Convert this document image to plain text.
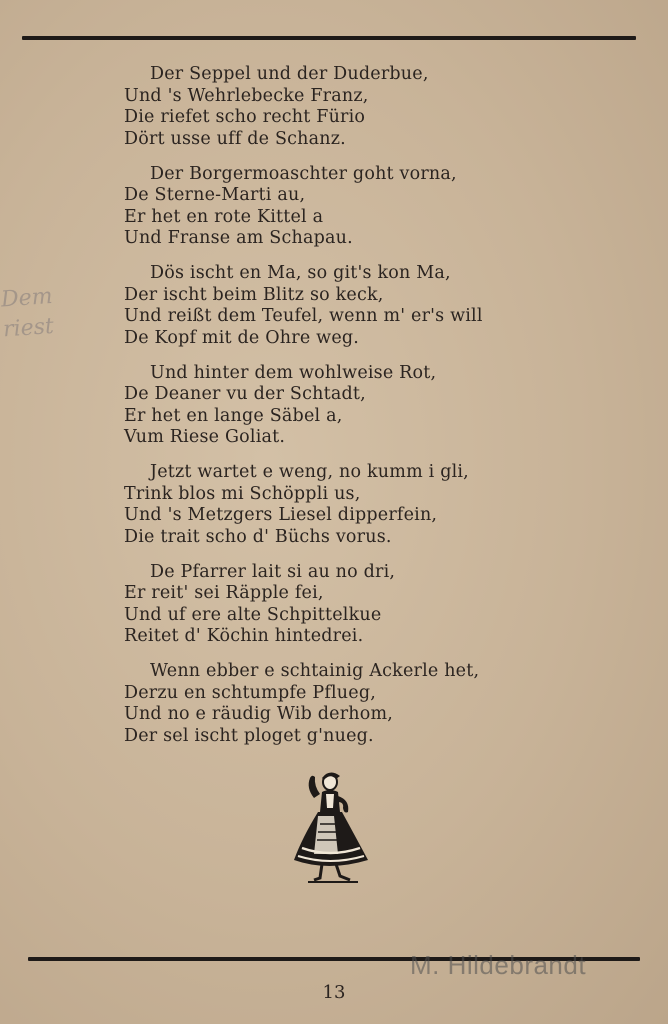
Dem
riest
Der Seppel und der Duderbue,
Und 's Wehrlebecke Franz,
Die riefet scho recht Fürio
Dört usse uff de Schanz.
Der Borgermoaschter goht vorna,
De Sterne-Marti au,
Er het en rote Kittel a
Und Franse am Schapau.
Dös ischt en Ma, so git's kon Ma,
Der ischt beim Blitz so keck,
Und reißt dem Teufel, wenn m' er's will
De Kopf mit de Ohre weg.
Und hinter dem wohlweise Rot,
De Deaner vu der Schtadt,
Er het en lange Säbel a,
Vum Riese Goliat.
Jetzt wartet e weng, no kumm i gli,
Trink blos mi Schöppli us,
Und 's Metzgers Liesel dipperfein,
Die trait scho d' Büchs vorus.
De Pfarrer lait si au no dri,
Er reit' sei Räpple fei,
Und uf ere alte Schpittelkue
Reitet d' Köchin hintedrei.
Wenn ebber e schtainig Ackerle het,
Derzu en schtumpfe Pflueg,
Und no e räudig Wib derhom,
Der sel ischt ploget g'nueg.
M. Hildebrandt
13
